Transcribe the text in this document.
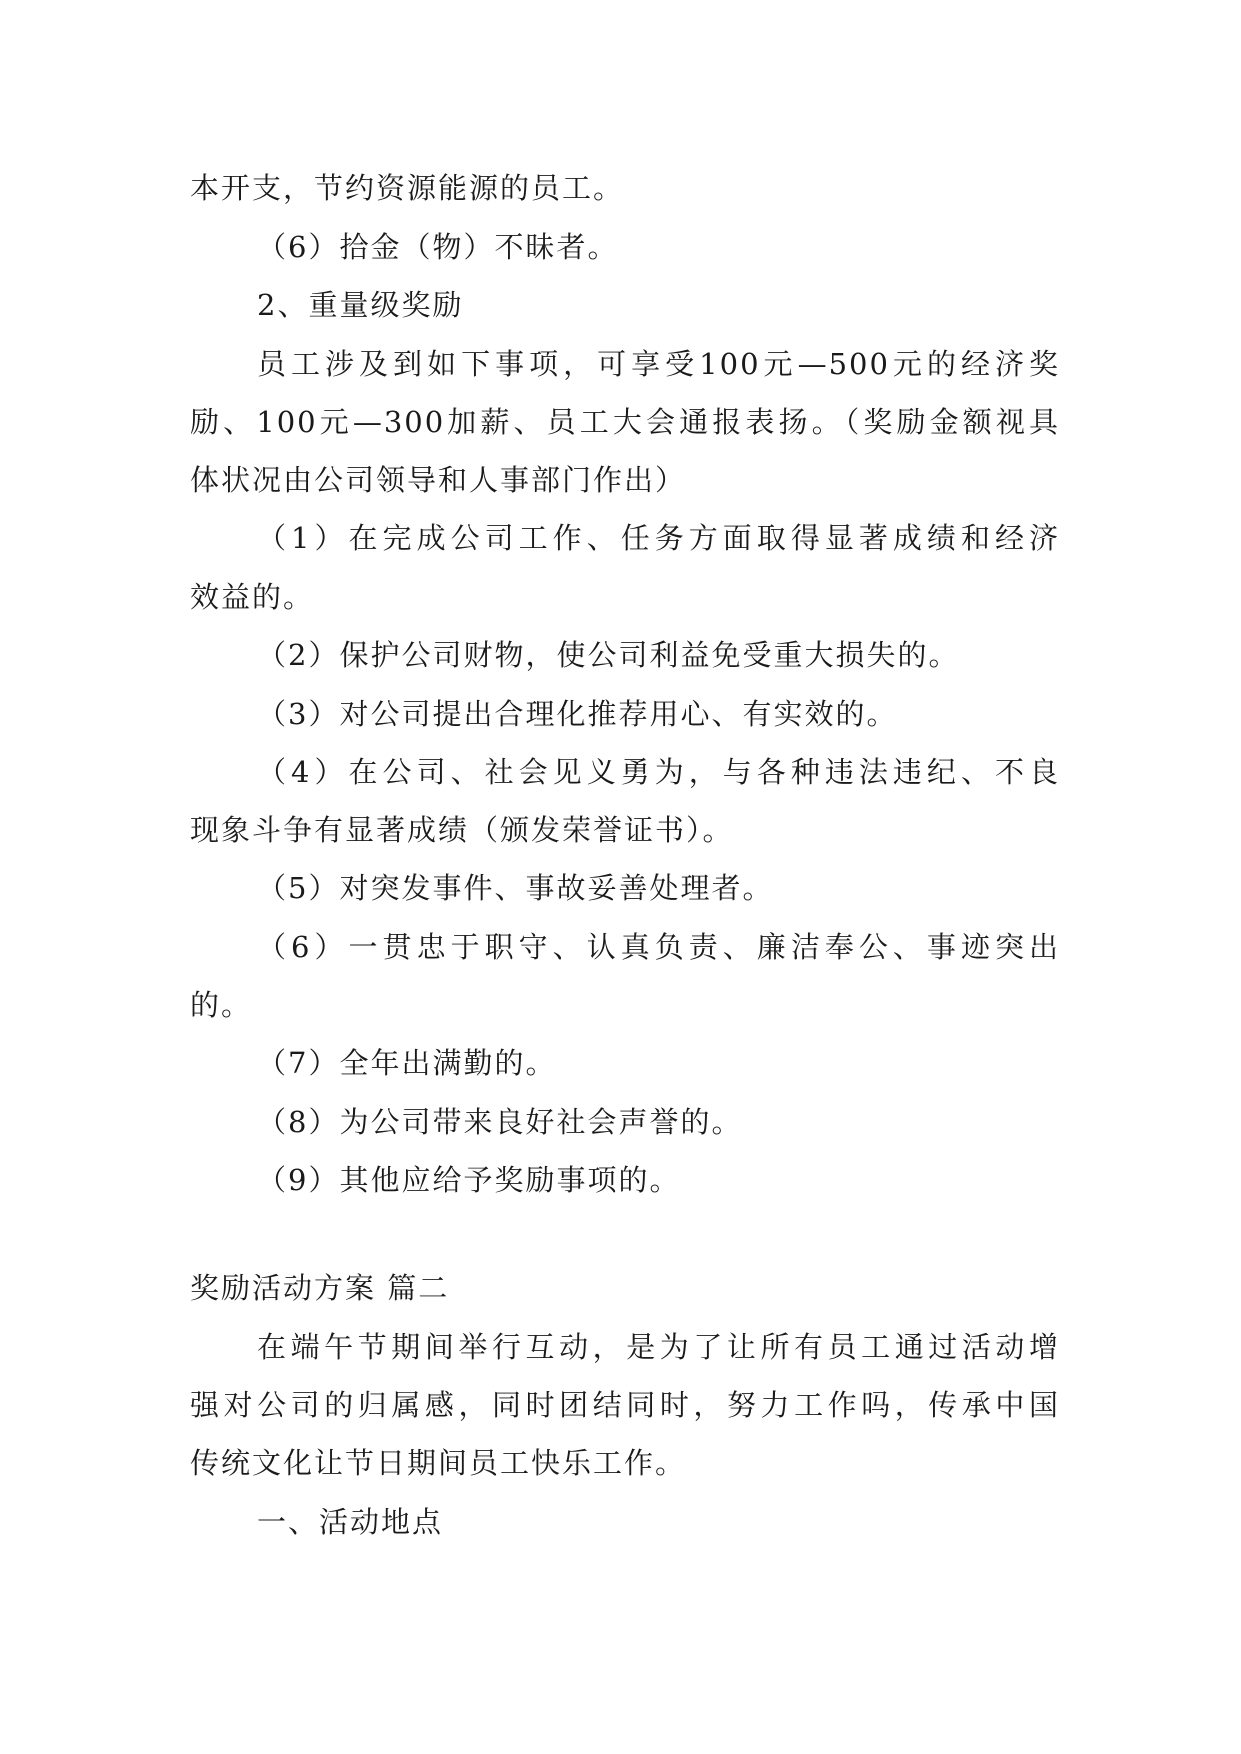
本开支，节约资源能源的员工。
（6）拾金（物）不昧者。
2、重量级奖励
员工涉及到如下事项，可享受100元—500元的经济奖
励、100元—300加薪、员工大会通报表扬。（奖励金额视具
体状况由公司领导和人事部门作出）
（1）在完成公司工作、任务方面取得显著成绩和经济
效益的。
（2）保护公司财物，使公司利益免受重大损失的。
（3）对公司提出合理化推荐用心、有实效的。
（4）在公司、社会见义勇为，与各种违法违纪、不良
现象斗争有显著成绩（颁发荣誉证书）。
（5）对突发事件、事故妥善处理者。
（6）一贯忠于职守、认真负责、廉洁奉公、事迹突出
的。
（7）全年出满勤的。
（8）为公司带来良好社会声誉的。
（9）其他应给予奖励事项的。
奖励活动方案 篇二
在端午节期间举行互动，是为了让所有员工通过活动增
强对公司的归属感，同时团结同时，努力工作吗，传承中国
传统文化让节日期间员工快乐工作。
一、活动地点
